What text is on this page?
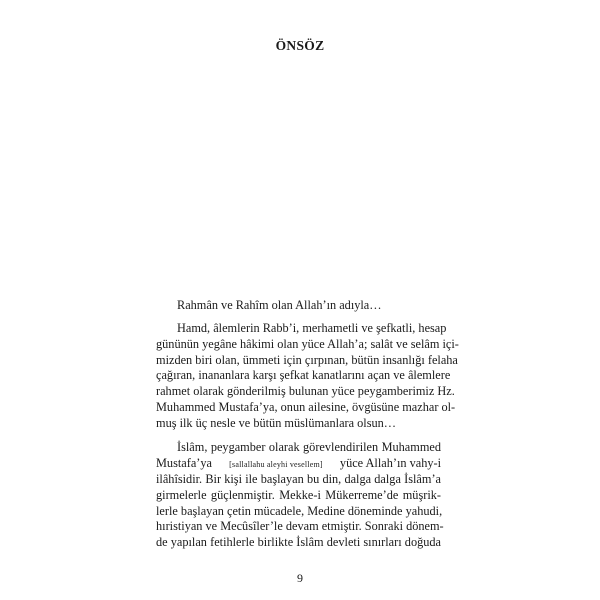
ÖNSÖZ
Rahmân ve Rahîm olan Allah’ın adıyla…
Hamd, âlemlerin Rabb’i, merhametli ve şefkatli, hesap
gününün yegâne hâkimi olan yüce Allah’a; salât ve selâm içi-
mizden biri olan, ümmeti için çırpınan, bütün insanlığı felaha
çağıran, inananlara karşı şefkat kanatlarını açan ve âlemlere
rahmet olarak gönderilmiş bulunan yüce peygamberimiz Hz.
Muhammed Mustafa’ya, onun ailesine, övgüsüne mazhar ol-
muş ilk üç nesle ve bütün müslümanlara olsun…
İslâm, peygamber olarak görevlendirilen Muhammed
Mustafa’ya [sallallahu aleyhi vesellem] yüce Allah’ın vahy-i
ilâhîsidir. Bir kişi ile başlayan bu din, dalga dalga İslâm’a
girmelerle güçlenmiştir. Mekke-i Mükerreme’de müşrik-
lerle başlayan çetin mücadele, Medine döneminde yahudi,
hıristiyan ve Mecûsîler’le devam etmiştir. Sonraki dönem-
de yapılan fetihlerle birlikte İslâm devleti sınırları doğuda
9
